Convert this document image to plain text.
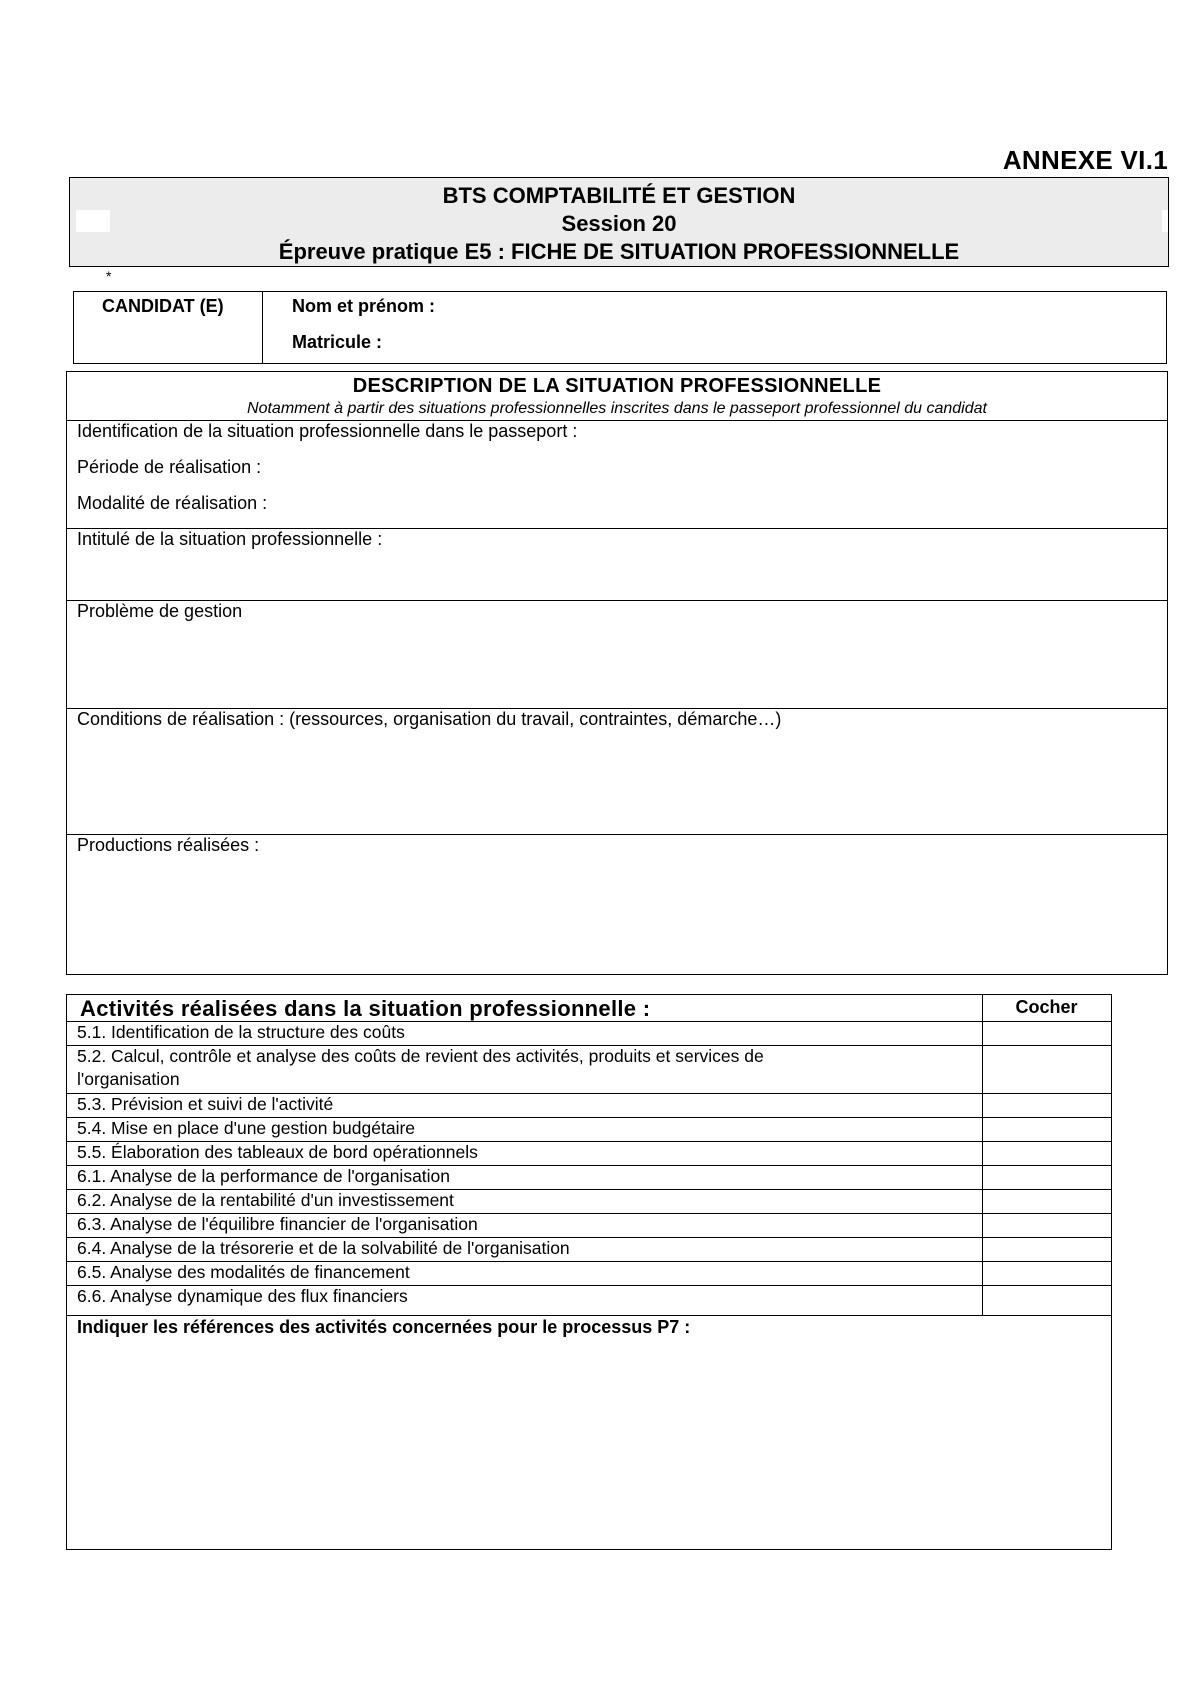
ANNEXE VI.1
BTS COMPTABILITÉ ET GESTION
Session 20
Épreuve pratique E5 : FICHE DE SITUATION PROFESSIONNELLE
*
CANDIDAT (E)	Nom et prénom :
Matricule :
DESCRIPTION DE LA SITUATION PROFESSIONNELLE
Notamment à partir des situations professionnelles inscrites dans le passeport professionnel du candidat
Identification de la situation professionnelle dans le passeport :
Période de réalisation :
Modalité de réalisation :
Intitulé de la situation professionnelle :
Problème de gestion
Conditions de réalisation : (ressources, organisation du travail, contraintes, démarche…)
Productions réalisées :
Activités réalisées dans la situation professionnelle :	Cocher
5.1. Identification de la structure des coûts
5.2. Calcul, contrôle et analyse des coûts de revient des activités, produits et services de
l'organisation
5.3. Prévision et suivi de l'activité
5.4. Mise en place d'une gestion budgétaire
5.5. Élaboration des tableaux de bord opérationnels
6.1. Analyse de la performance de l'organisation
6.2. Analyse de la rentabilité d'un investissement
6.3. Analyse de l'équilibre financier de l'organisation
6.4. Analyse de la trésorerie et de la solvabilité de l'organisation
6.5. Analyse des modalités de financement
6.6. Analyse dynamique des flux financiers
Indiquer les références des activités concernées pour le processus P7 :
